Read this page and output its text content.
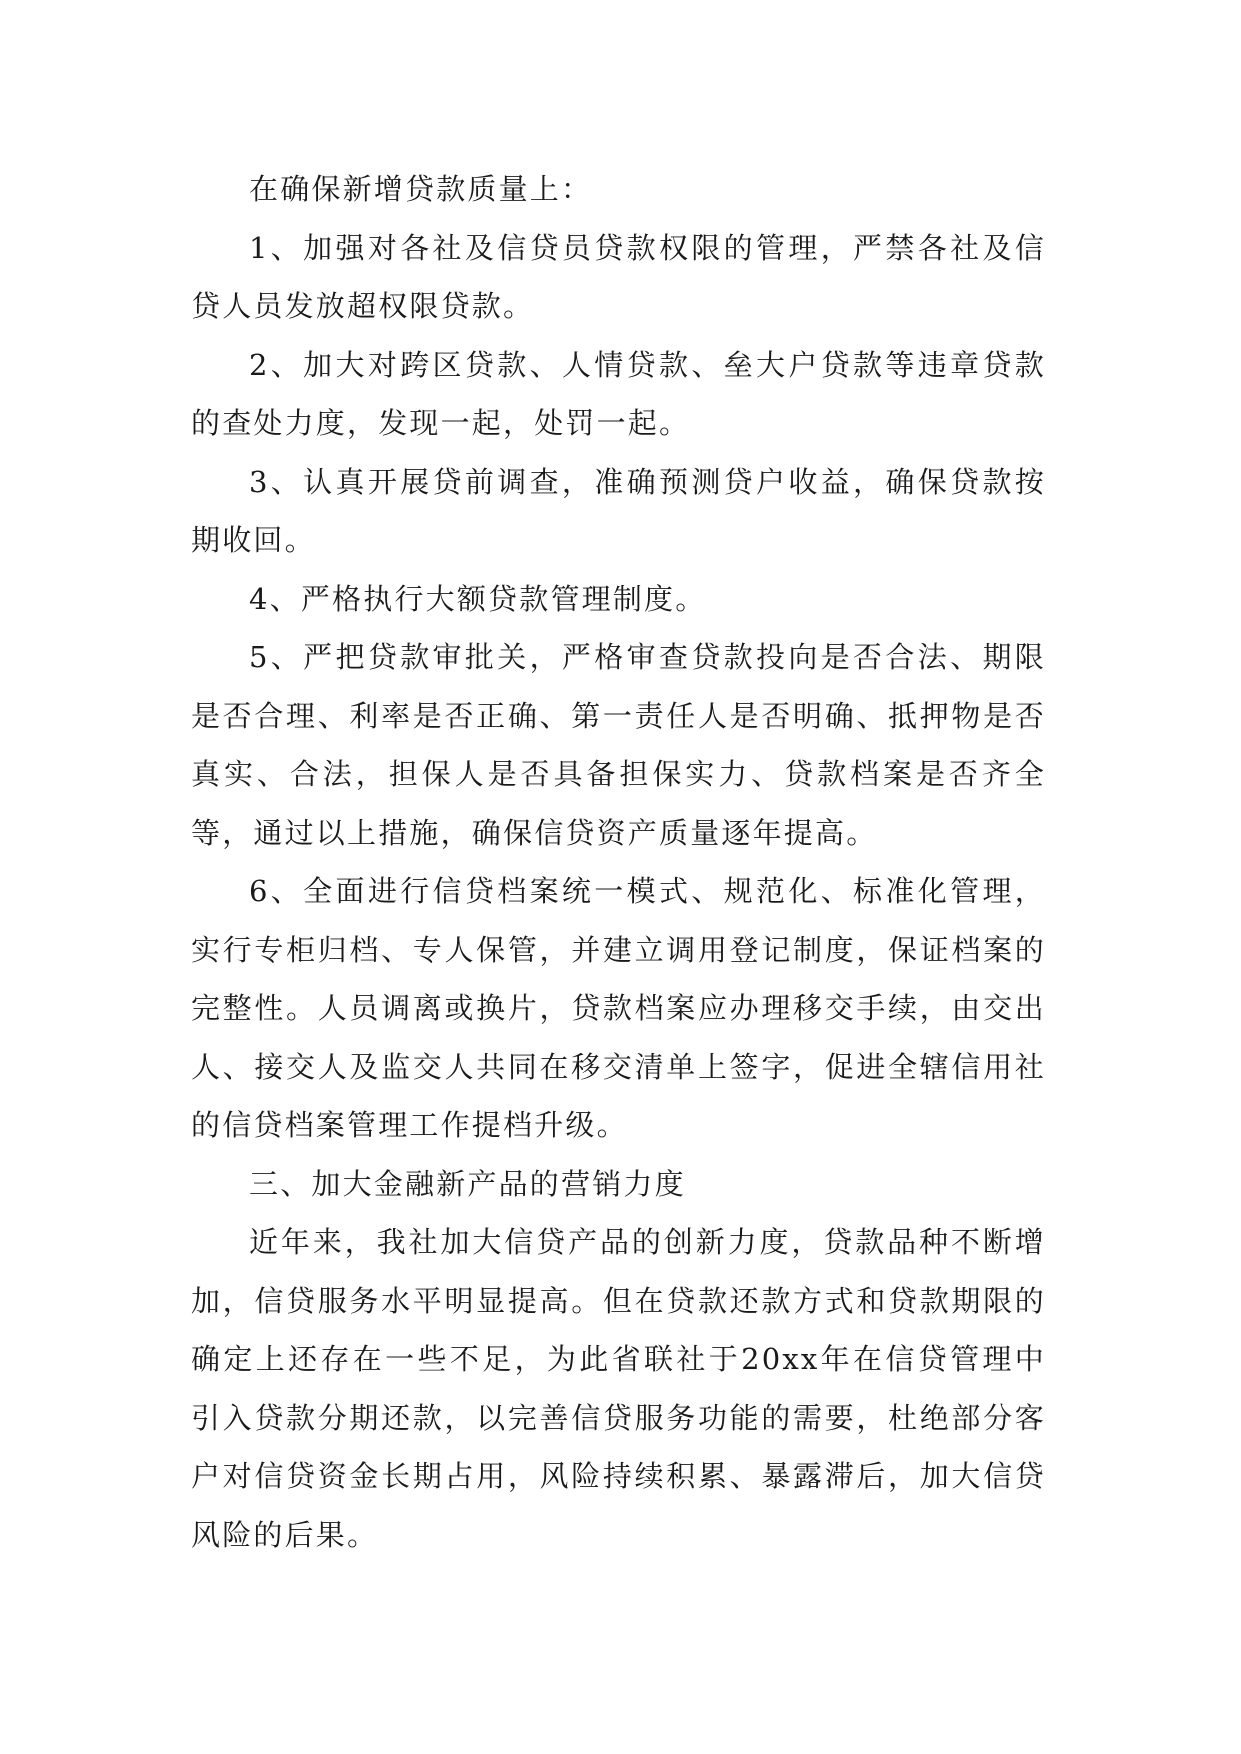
在确保新增贷款质量上：

1、加强对各社及信贷员贷款权限的管理，严禁各社及信贷人员发放超权限贷款。

2、加大对跨区贷款、人情贷款、垒大户贷款等违章贷款的查处力度，发现一起，处罚一起。

3、认真开展贷前调查，准确预测贷户收益，确保贷款按期收回。

4、严格执行大额贷款管理制度。

5、严把贷款审批关，严格审查贷款投向是否合法、期限是否合理、利率是否正确、第一责任人是否明确、抵押物是否真实、合法，担保人是否具备担保实力、贷款档案是否齐全等，通过以上措施，确保信贷资产质量逐年提高。

6、全面进行信贷档案统一模式、规范化、标准化管理，实行专柜归档、专人保管，并建立调用登记制度，保证档案的完整性。人员调离或换片，贷款档案应办理移交手续，由交出人、接交人及监交人共同在移交清单上签字，促进全辖信用社的信贷档案管理工作提档升级。

三、加大金融新产品的营销力度

近年来，我社加大信贷产品的创新力度，贷款品种不断增加，信贷服务水平明显提高。但在贷款还款方式和贷款期限的确定上还存在一些不足，为此省联社于20xx年在信贷管理中引入贷款分期还款，以完善信贷服务功能的需要，杜绝部分客户对信贷资金长期占用，风险持续积累、暴露滞后，加大信贷风险的后果。
